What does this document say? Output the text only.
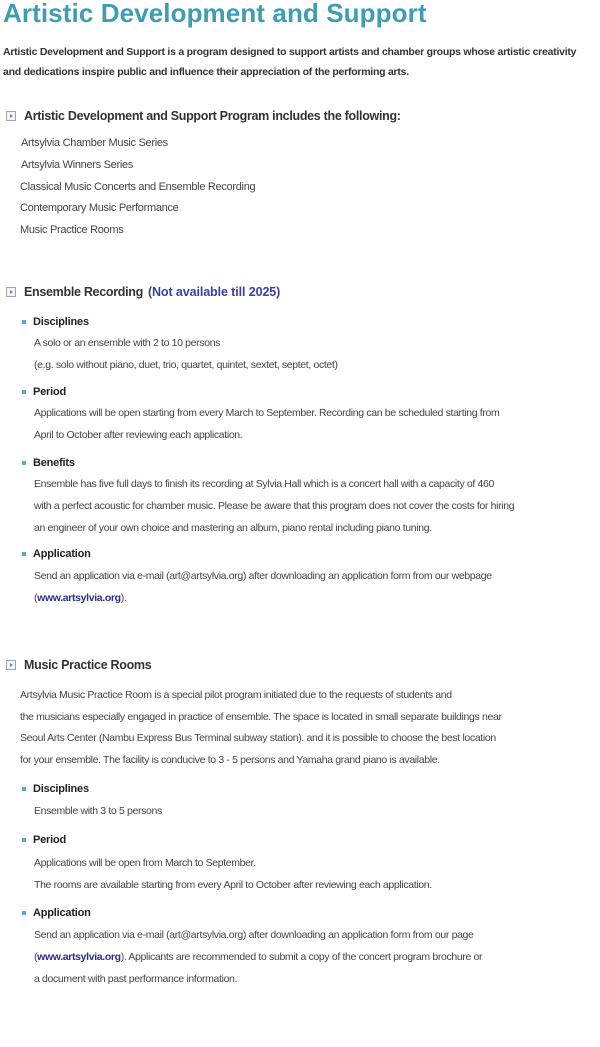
Artistic Development and Support
Artistic Development and Support is a program designed to support artists and chamber groups whose artistic creativity and dedications inspire public and influence their appreciation of the performing arts.
Artistic Development and Support Program includes the following:
Artsylvia Chamber Music Series
Artsylvia Winners Series
Classical Music Concerts and Ensemble Recording
Contemporary Music Performance
Music Practice Rooms
Ensemble Recording (Not available till 2025)
Disciplines
A solo or an ensemble with 2 to 10 persons
(e.g. solo without piano, duet, trio, quartet, quintet, sextet, septet, octet)
Period
Applications will be open starting from every March to September. Recording can be scheduled starting from
April to October after reviewing each application.
Benefits
Ensemble has five full days to finish its recording at Sylvia Hall which is a concert hall with a capacity of 460
with a perfect acoustic for chamber music. Please be aware that this program does not cover the costs for hiring
an engineer of your own choice and mastering an album, piano rental including piano tuning.
Application
Send an application via e-mail (art@artsylvia.org) after downloading an application form from our webpage
(www.artsylvia.org).
Music Practice Rooms
Artsylvia Music Practice Room is a special pilot program initiated due to the requests of students and
the musicians especially engaged in practice of ensemble. The space is located in small separate buildings near
Seoul Arts Center (Nambu Express Bus Terminal subway station). and it is possible to choose the best location
for your ensemble. The facility is conducive to 3 - 5 persons and Yamaha grand piano is available.
Disciplines
Ensemble with 3 to 5 persons
Period
Applications will be open from March to September.
The rooms are available starting from every April to October after reviewing each application.
Application
Send an application via e-mail (art@artsylvia.org) after downloading an application form from our page
(www.artsylvia.org). Applicants are recommended to submit a copy of the concert program brochure or
a document with past performance information.
